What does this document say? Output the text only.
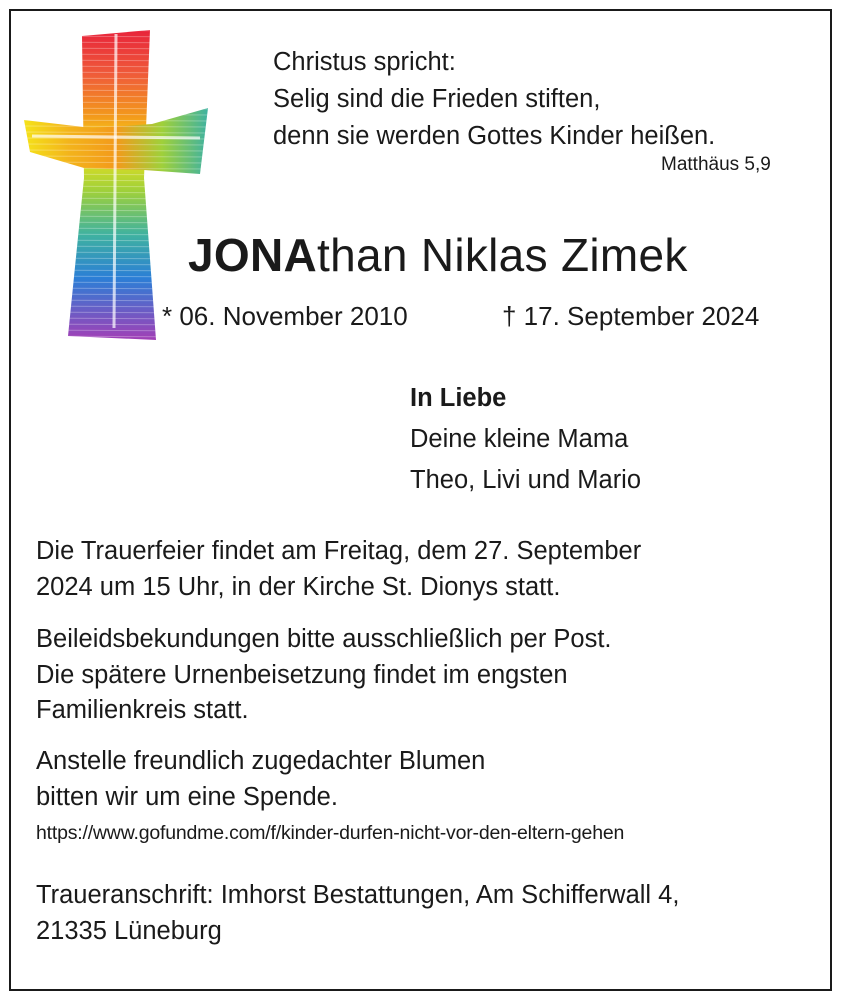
Christus spricht:
Selig sind die Frieden stiften,
denn sie werden Gottes Kinder heißen.
Matthäus 5,9
JONAthan Niklas Zimek
* 06. November 2010	† 17. September 2024
In Liebe
Deine kleine Mama
Theo, Livi und Mario
Die Trauerfeier findet am Freitag, dem 27. September
2024 um 15 Uhr, in der Kirche St. Dionys statt.
Beileidsbekundungen bitte ausschließlich per Post.
Die spätere Urnenbeisetzung findet im engsten
Familienkreis statt.
Anstelle freundlich zugedachter Blumen
bitten wir um eine Spende.
https://www.gofundme.com/f/kinder-durfen-nicht-vor-den-eltern-gehen
Traueranschrift: Imhorst Bestattungen, Am Schifferwall 4,
21335 Lüneburg
